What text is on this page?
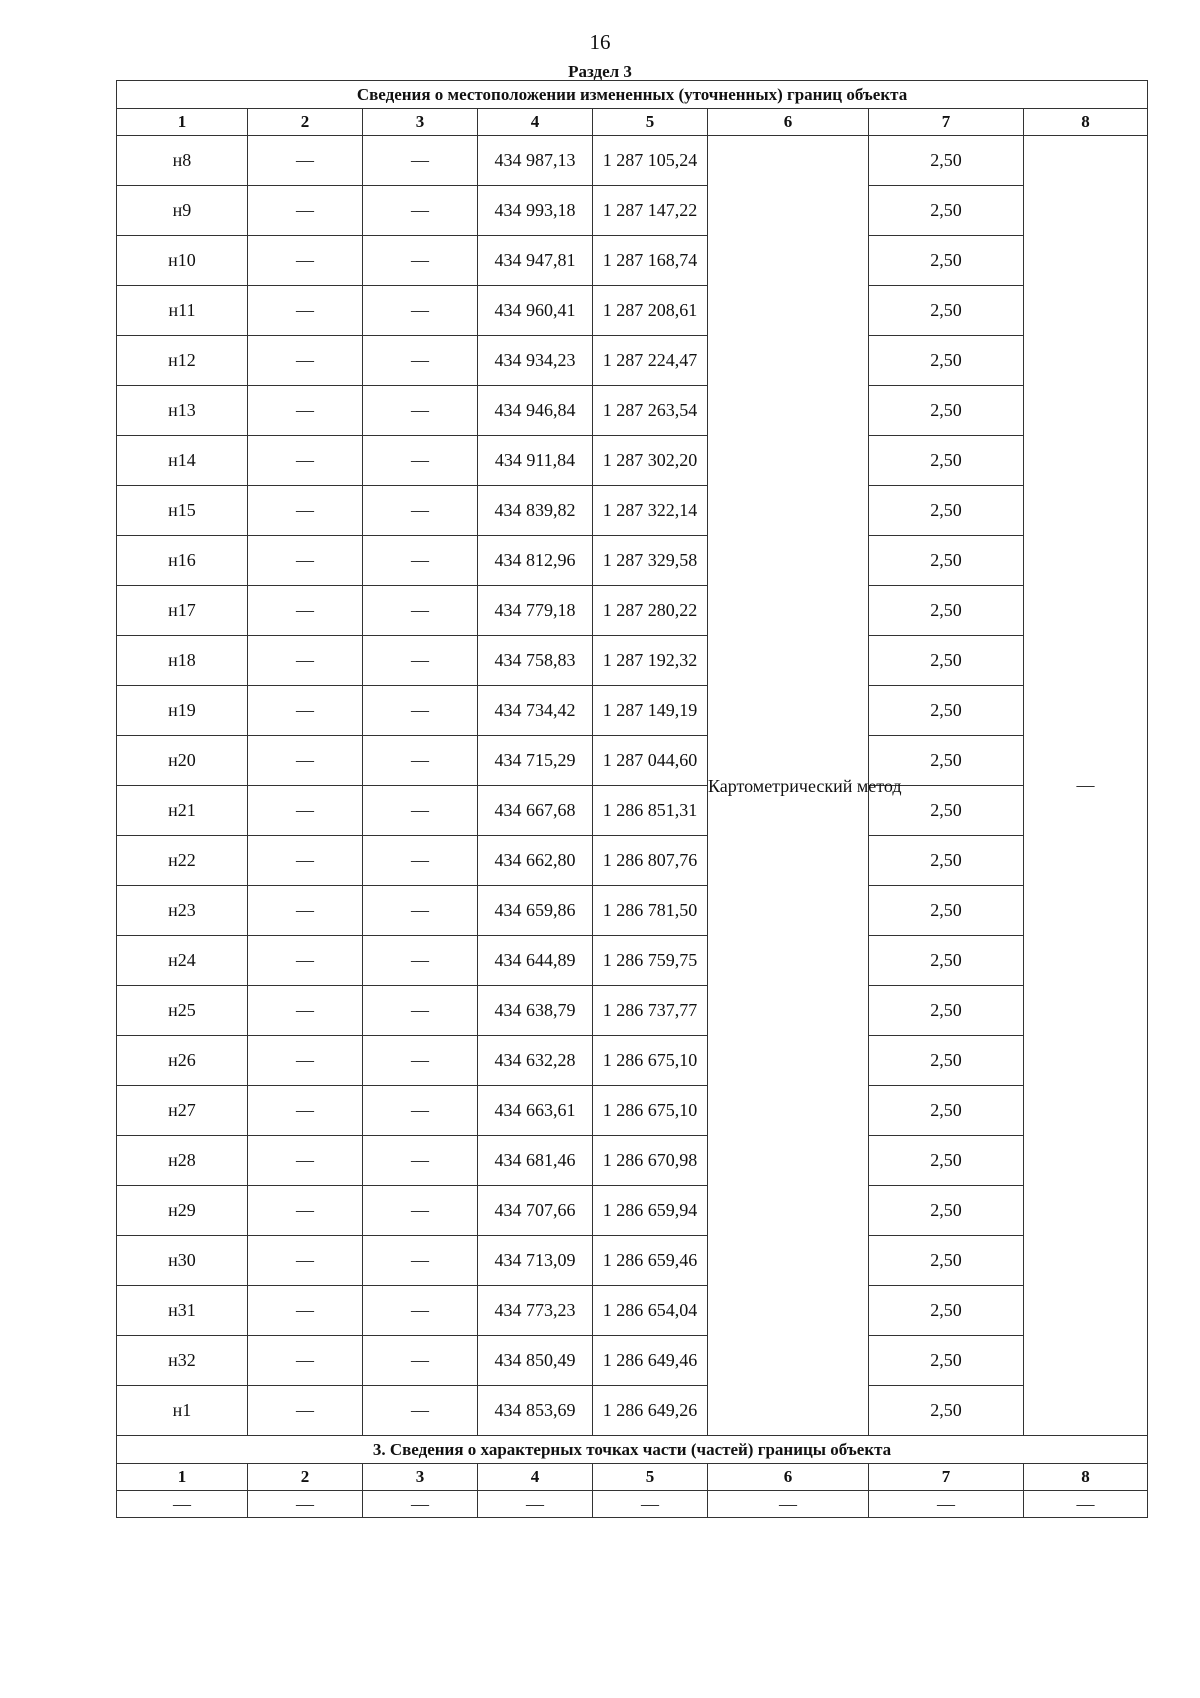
16
Раздел 3
Сведения о местоположении измененных (уточненных) границ объекта							
1	2	3	4	5	6	7	8
н8	—	—	434 987,13	1 287 105,24	Картометрический метод	2,50	—
н9	—	—	434 993,18	1 287 147,22		2,50	
н10	—	—	434 947,81	1 287 168,74		2,50	
н11	—	—	434 960,41	1 287 208,61		2,50	
н12	—	—	434 934,23	1 287 224,47		2,50	
н13	—	—	434 946,84	1 287 263,54		2,50	
н14	—	—	434 911,84	1 287 302,20		2,50	
н15	—	—	434 839,82	1 287 322,14		2,50	
н16	—	—	434 812,96	1 287 329,58		2,50	
н17	—	—	434 779,18	1 287 280,22		2,50	
н18	—	—	434 758,83	1 287 192,32		2,50	
н19	—	—	434 734,42	1 287 149,19		2,50	
н20	—	—	434 715,29	1 287 044,60		2,50	
н21	—	—	434 667,68	1 286 851,31		2,50	
н22	—	—	434 662,80	1 286 807,76		2,50	
н23	—	—	434 659,86	1 286 781,50		2,50	
н24	—	—	434 644,89	1 286 759,75		2,50	
н25	—	—	434 638,79	1 286 737,77		2,50	
н26	—	—	434 632,28	1 286 675,10		2,50	
н27	—	—	434 663,61	1 286 675,10		2,50	
н28	—	—	434 681,46	1 286 670,98		2,50	
н29	—	—	434 707,66	1 286 659,94		2,50	
н30	—	—	434 713,09	1 286 659,46		2,50	
н31	—	—	434 773,23	1 286 654,04		2,50	
н32	—	—	434 850,49	1 286 649,46		2,50	
н1	—	—	434 853,69	1 286 649,26		2,50	
3. Сведения о характерных точках части (частей) границы объекта							
1	2	3	4	5	6	7	8
—	—	—	—	—	—	—	—
